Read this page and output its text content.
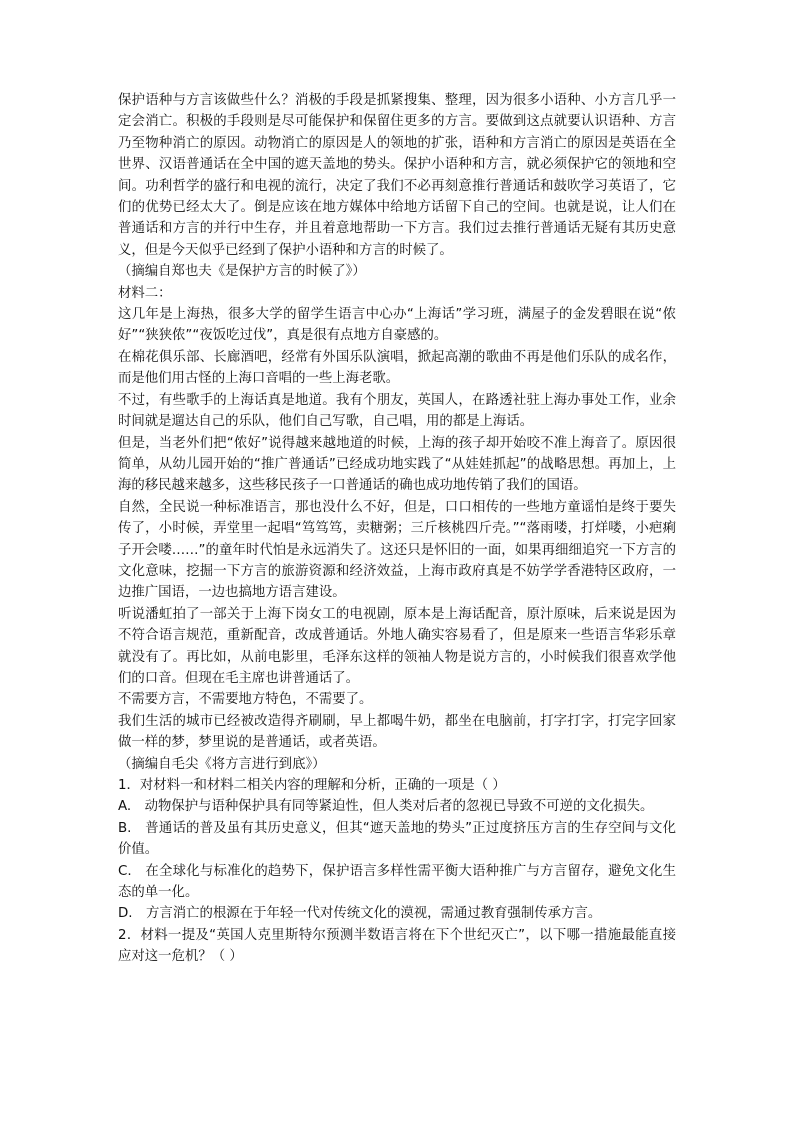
保护语种与方言该做些什么？消极的手段是抓紧搜集、整理，因为很多小语种、小方言几乎一定会消亡。积极的手段则是尽可能保护和保留住更多的方言。要做到这点就要认识语种、方言乃至物种消亡的原因。动物消亡的原因是人的领地的扩张，语种和方言消亡的原因是英语在全世界、汉语普通话在全中国的遮天盖地的势头。保护小语种和方言，就必须保护它的领地和空间。功利哲学的盛行和电视的流行，决定了我们不必再刻意推行普通话和鼓吹学习英语了，它们的优势已经太大了。倒是应该在地方媒体中给地方话留下自己的空间。也就是说，让人们在普通话和方言的并行中生存，并且着意地帮助一下方言。我们过去推行普通话无疑有其历史意义，但是今天似乎已经到了保护小语种和方言的时候了。

（摘编自郑也夫《是保护方言的时候了》）

材料二：

这几年是上海热，很多大学的留学生语言中心办“上海话”学习班，满屋子的金发碧眼在说“侬好”“狭狭侬”“夜饭吃过伐”，真是很有点地方自豪感的。

在棉花俱乐部、长廊酒吧，经常有外国乐队演唱，掀起高潮的歌曲不再是他们乐队的成名作，而是他们用古怪的上海口音唱的一些上海老歌。

不过，有些歌手的上海话真是地道。我有个朋友，英国人，在路透社驻上海办事处工作，业余时间就是遛达自己的乐队，他们自己写歌，自己唱，用的都是上海话。

但是，当老外们把“侬好”说得越来越地道的时候，上海的孩子却开始咬不准上海音了。原因很简单，从幼儿园开始的“推广普通话”已经成功地实践了“从娃娃抓起”的战略思想。再加上，上海的移民越来越多，这些移民孩子一口普通话的确也成功地传销了我们的国语。

自然，全民说一种标准语言，那也没什么不好，但是，口口相传的一些地方童谣怕是终于要失传了，小时候，弄堂里一起唱“笃笃笃，卖糖粥；三斤核桃四斤壳。”“落雨喽，打烊喽，小疤痢子开会喽……”的童年时代怕是永远消失了。这还只是怀旧的一面，如果再细细追究一下方言的文化意味，挖掘一下方言的旅游资源和经济效益，上海市政府真是不妨学学香港特区政府，一边推广国语，一边也搞地方语言建设。

听说潘虹拍了一部关于上海下岗女工的电视剧，原本是上海话配音，原汁原味，后来说是因为不符合语言规范，重新配音，改成普通话。外地人确实容易看了，但是原来一些语言华彩乐章就没有了。再比如，从前电影里，毛泽东这样的领袖人物是说方言的，小时候我们很喜欢学他们的口音。但现在毛主席也讲普通话了。

不需要方言，不需要地方特色，不需要了。

我们生活的城市已经被改造得齐刷刷，早上都喝牛奶，都坐在电脑前，打字打字，打完字回家做一样的梦，梦里说的是普通话，或者英语。

（摘编自毛尖《将方言进行到底》）

1．对材料一和材料二相关内容的理解和分析，正确的一项是（ ）

A.　动物保护与语种保护具有同等紧迫性，但人类对后者的忽视已导致不可逆的文化损失。

B.　普通话的普及虽有其历史意义，但其“遮天盖地的势头”正过度挤压方言的生存空间与文化价值。

C.　在全球化与标准化的趋势下，保护语言多样性需平衡大语种推广与方言留存，避免文化生态的单一化。

D.　方言消亡的根源在于年轻一代对传统文化的漠视，需通过教育强制传承方言。

2．材料一提及“英国人克里斯特尔预测半数语言将在下个世纪灭亡”，以下哪一措施最能直接应对这一危机？（ ）
